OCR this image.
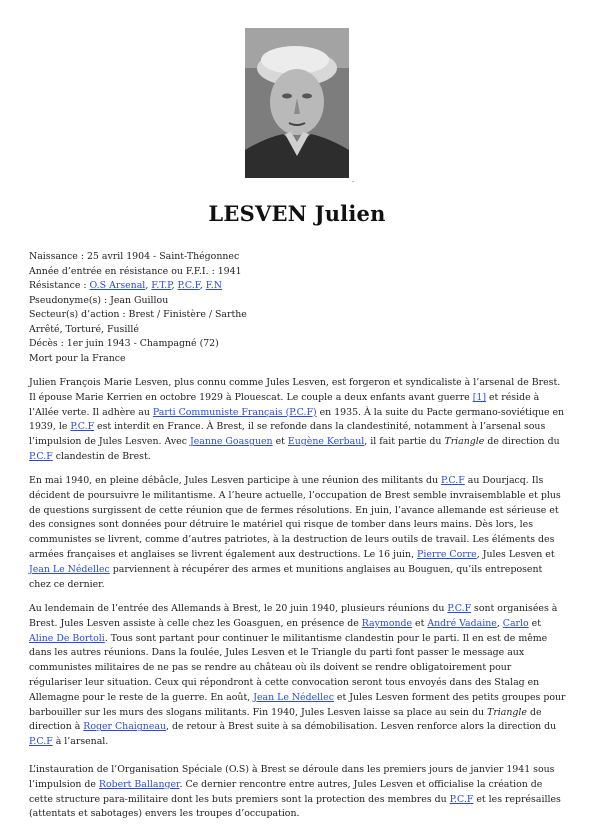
-
LESVEN Julien
Naissance : 25 avril 1904 - Saint-Thégonnec
Année d’entrée en résistance ou F.F.I. : 1941
Résistance : O.S Arsenal, F.T.P, P.C.F, F.N
Pseudonyme(s) : Jean Guillou
Secteur(s) d’action : Brest / Finistère / Sarthe
Arrêté, Torturé, Fusillé
Décès : 1er juin 1943 - Champagné (72)
Mort pour la France

Julien François Marie Lesven, plus connu comme Jules Lesven, est forgeron et syndicaliste à l’arsenal de Brest. Il épouse Marie Kerrien en octobre 1929 à Plouescat. Le couple a deux enfants avant guerre [1] et réside à l’Allée verte. Il adhère au Parti Communiste Français (P.C.F) en 1935. À la suite du Pacte germano-soviétique en 1939, le P.C.F est interdit en France. À Brest, il se refonde dans la clandestinité, notamment à l’arsenal sous l’impulsion de Jules Lesven. Avec Jeanne Goasguen et Eugène Kerbaul, il fait partie du Triangle de direction du P.C.F clandestin de Brest.

En mai 1940, en pleine débâcle, Jules Lesven participe à une réunion des militants du P.C.F au Dourjacq. Ils décident de poursuivre le militantisme. A l’heure actuelle, l’occupation de Brest semble invraisemblable et plus de questions surgissent de cette réunion que de fermes résolutions. En juin, l’avance allemande est sérieuse et des consignes sont données pour détruire le matériel qui risque de tomber dans leurs mains. Dès lors, les communistes se livrent, comme d’autres patriotes, à la destruction de leurs outils de travail. Les éléments des armées françaises et anglaises se livrent également aux destructions. Le 16 juin, Pierre Corre, Jules Lesven et Jean Le Nédellec parviennent à récupérer des armes et munitions anglaises au Bouguen, qu’ils entreposent chez ce dernier.

Au lendemain de l’entrée des Allemands à Brest, le 20 juin 1940, plusieurs réunions du P.C.F sont organisées à Brest. Jules Lesven assiste à celle chez les Goasguen, en présence de Raymonde et André Vadaine, Carlo et Aline De Bortoli. Tous sont partant pour continuer le militantisme clandestin pour le parti. Il en est de même dans les autres réunions. Dans la foulée, Jules Lesven et le Triangle du parti font passer le message aux communistes militaires de ne pas se rendre au château où ils doivent se rendre obligatoirement pour régulariser leur situation. Ceux qui répondront à cette convocation seront tous envoyés dans des Stalag en Allemagne pour le reste de la guerre. En août, Jean Le Nédellec et Jules Lesven forment des petits groupes pour barbouiller sur les murs des slogans militants. Fin 1940, Jules Lesven laisse sa place au sein du Triangle de direction à Roger Chaigneau, de retour à Brest suite à sa démobilisation. Lesven renforce alors la direction du P.C.F à l’arsenal.

L’instauration de l’Organisation Spéciale (O.S) à Brest se déroule dans les premiers jours de janvier 1941 sous l’impulsion de Robert Ballanger. Ce dernier rencontre entre autres, Jules Lesven et officialise la création de cette structure para-militaire dont les buts premiers sont la protection des membres du P.C.F et les représailles (attentats et sabotages) envers les troupes d’occupation.
